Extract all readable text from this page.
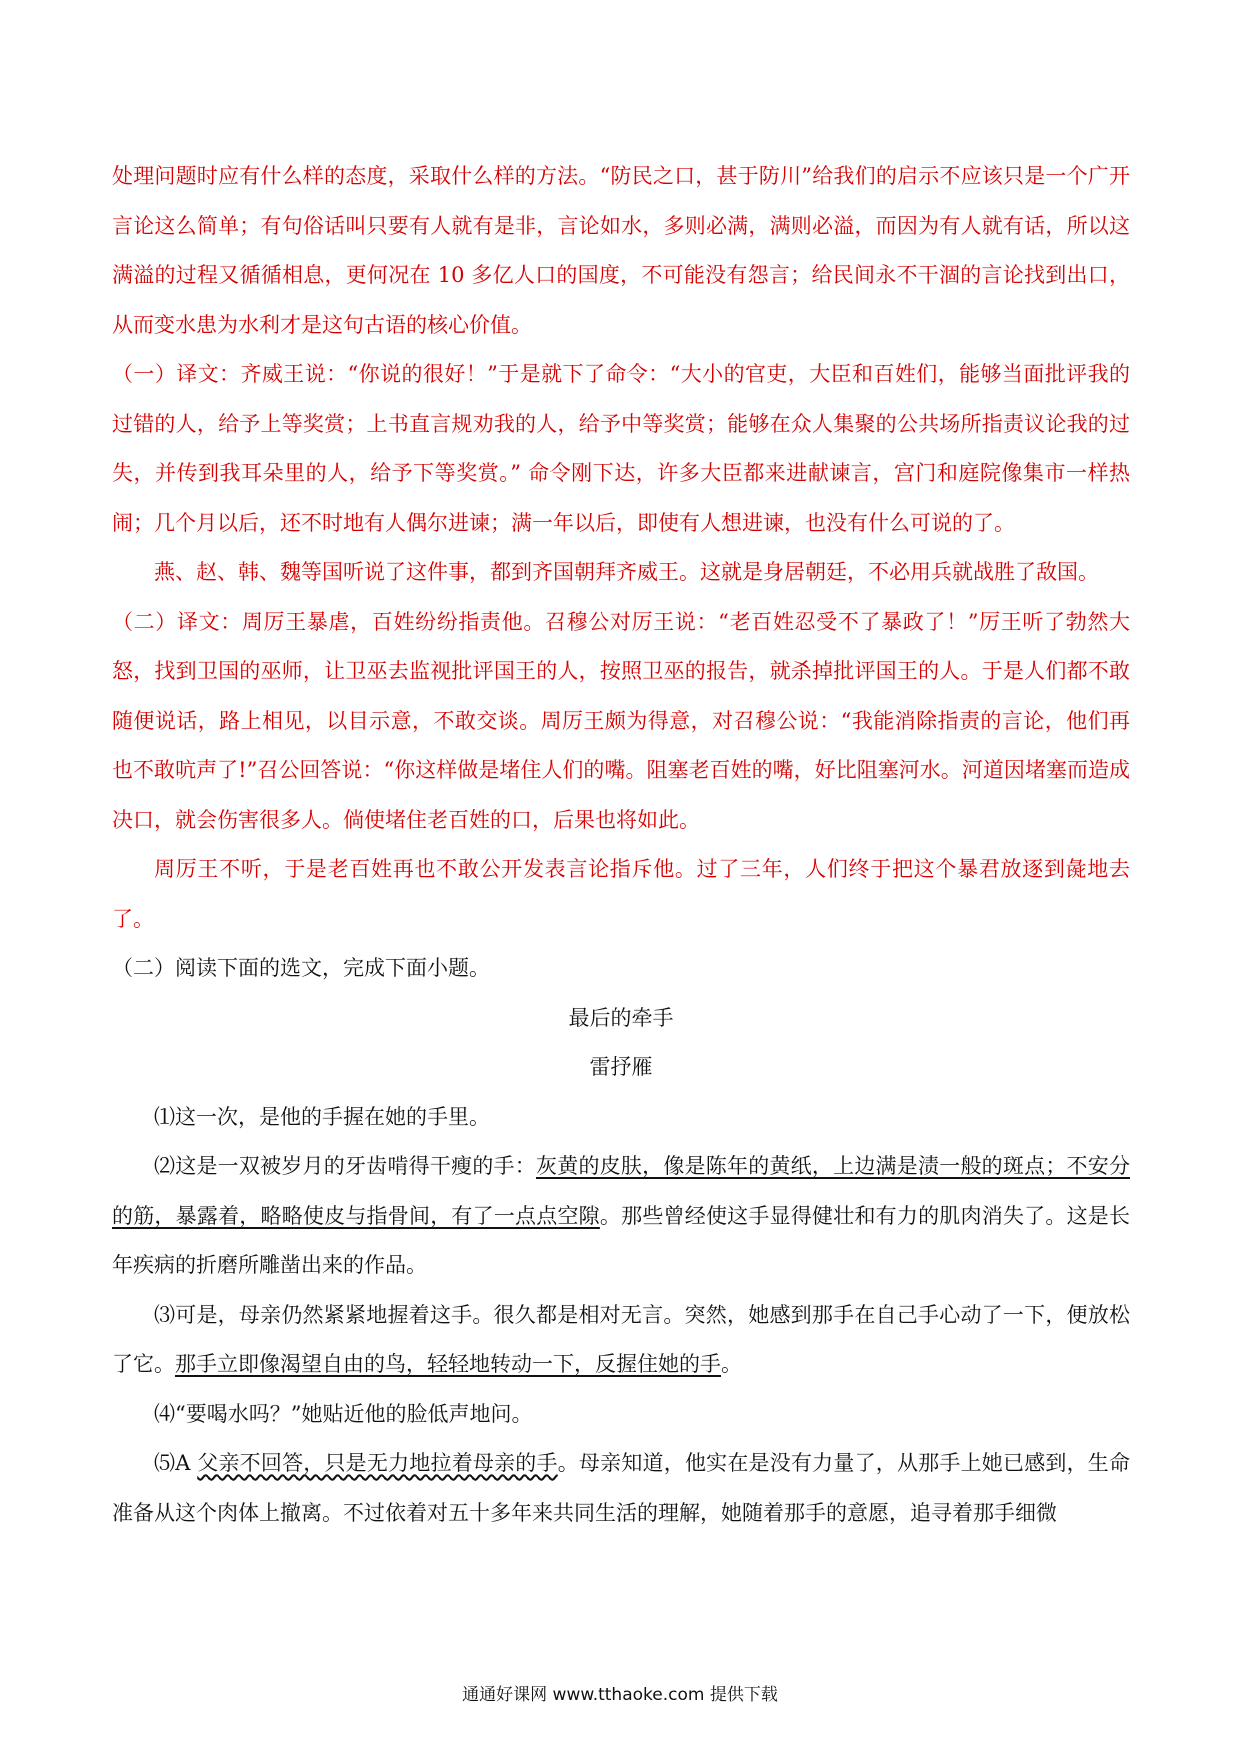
处理问题时应有什么样的态度，采取什么样的方法。“防民之口，甚于防川”给我们的启示不应该只是一个广开言论这么简单；有句俗话叫只要有人就有是非，言论如水，多则必满，满则必溢，而因为有人就有话，所以这满溢的过程又循循相息，更何况在 10 多亿人口的国度，不可能没有怨言；给民间永不干涸的言论找到出口，从而变水患为水利才是这句古语的核心价值。

（一）译文：齐威王说：“你说的很好！”于是就下了命令：“大小的官吏，大臣和百姓们，能够当面批评我的过错的人，给予上等奖赏；上书直言规劝我的人，给予中等奖赏；能够在众人集聚的公共场所指责议论我的过失，并传到我耳朵里的人，给予下等奖赏。” 命令刚下达，许多大臣都来进献谏言，宫门和庭院像集市一样热闹；几个月以后，还不时地有人偶尔进谏；满一年以后，即使有人想进谏，也没有什么可说的了。

燕、赵、韩、魏等国听说了这件事，都到齐国朝拜齐威王。这就是身居朝廷，不必用兵就战胜了敌国。

（二）译文：周厉王暴虐，百姓纷纷指责他。召穆公对厉王说：“老百姓忍受不了暴政了！”厉王听了勃然大怒，找到卫国的巫师，让卫巫去监视批评国王的人，按照卫巫的报告，就杀掉批评国王的人。于是人们都不敢随便说话，路上相见，以目示意，不敢交谈。周厉王颇为得意，对召穆公说：“我能消除指责的言论，他们再也不敢吭声了!”召公回答说：“你这样做是堵住人们的嘴。阻塞老百姓的嘴，好比阻塞河水。河道因堵塞而造成决口，就会伤害很多人。倘使堵住老百姓的口，后果也将如此。

周厉王不听，于是老百姓再也不敢公开发表言论指斥他。过了三年，人们终于把这个暴君放逐到彘地去了。

（二）阅读下面的选文，完成下面小题。

最后的牵手

雷抒雁

⑴这一次，是他的手握在她的手里。

⑵这是一双被岁月的牙齿啃得干瘦的手：灰黄的皮肤，像是陈年的黄纸，上边满是渍一般的斑点；不安分的筋，暴露着，略略使皮与指骨间，有了一点点空隙。那些曾经使这手显得健壮和有力的肌肉消失了。这是长年疾病的折磨所雕凿出来的作品。

⑶可是，母亲仍然紧紧地握着这手。很久都是相对无言。突然，她感到那手在自己手心动了一下，便放松了它。那手立即像渴望自由的鸟，轻轻地转动一下，反握住她的手。

⑷“要喝水吗？”她贴近他的脸低声地问。

⑸A 父亲不回答，只是无力地拉着母亲的手。母亲知道，他实在是没有力量了，从那手上她已感到，生命准备从这个肉体上撤离。不过依着对五十多年来共同生活的理解，她随着那手的意愿，追寻着那手细微

通通好课网 www.tthaoke.com 提供下载
